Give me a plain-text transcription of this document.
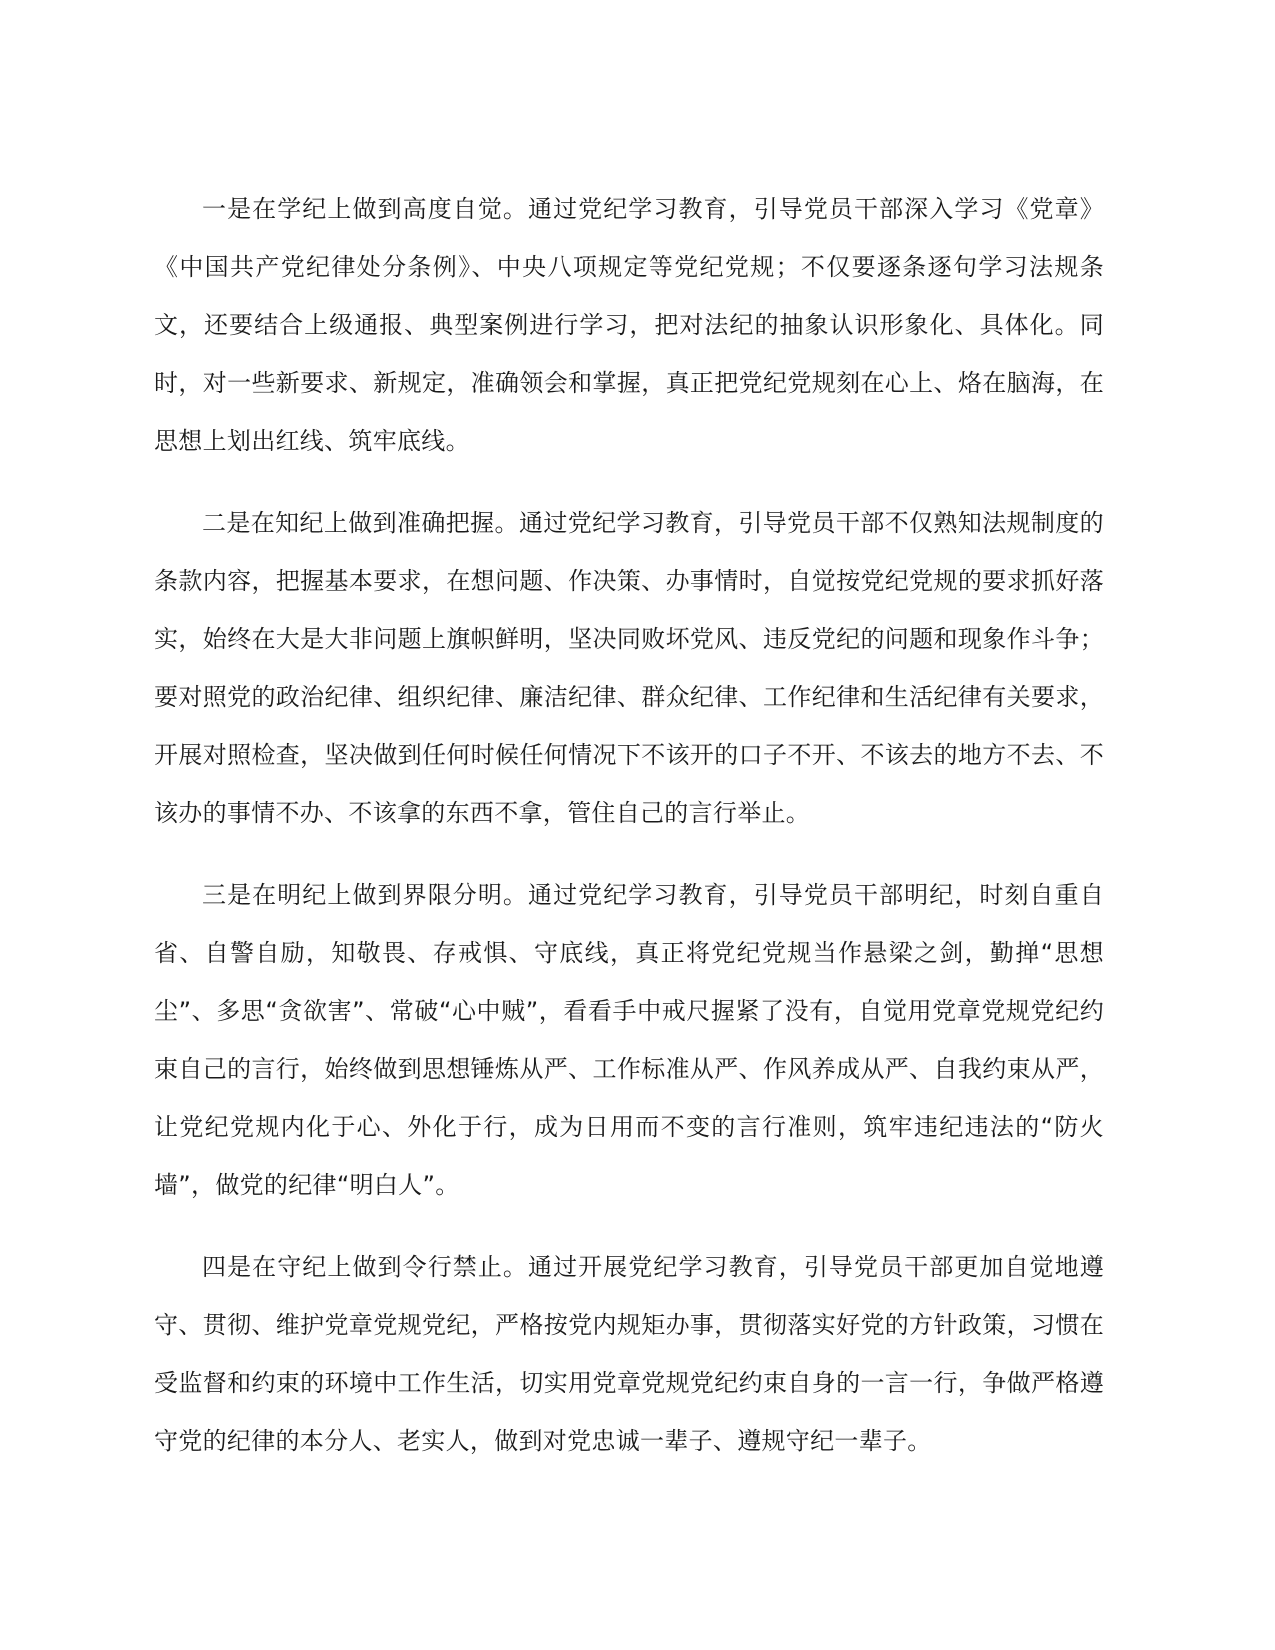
一是在学纪上做到高度自觉。通过党纪学习教育，引导党员干部深入学习《党章》《中国共产党纪律处分条例》、中央八项规定等党纪党规；不仅要逐条逐句学习法规条文，还要结合上级通报、典型案例进行学习，把对法纪的抽象认识形象化、具体化。同时，对一些新要求、新规定，准确领会和掌握，真正把党纪党规刻在心上、烙在脑海，在思想上划出红线、筑牢底线。

二是在知纪上做到准确把握。通过党纪学习教育，引导党员干部不仅熟知法规制度的条款内容，把握基本要求，在想问题、作决策、办事情时，自觉按党纪党规的要求抓好落实，始终在大是大非问题上旗帜鲜明，坚决同败坏党风、违反党纪的问题和现象作斗争；要对照党的政治纪律、组织纪律、廉洁纪律、群众纪律、工作纪律和生活纪律有关要求，开展对照检查，坚决做到任何时候任何情况下不该开的口子不开、不该去的地方不去、不该办的事情不办、不该拿的东西不拿，管住自己的言行举止。

三是在明纪上做到界限分明。通过党纪学习教育，引导党员干部明纪，时刻自重自省、自警自励，知敬畏、存戒惧、守底线，真正将党纪党规当作悬梁之剑，勤掸“思想尘”、多思“贪欲害”、常破“心中贼”，看看手中戒尺握紧了没有，自觉用党章党规党纪约束自己的言行，始终做到思想锤炼从严、工作标准从严、作风养成从严、自我约束从严，让党纪党规内化于心、外化于行，成为日用而不变的言行准则，筑牢违纪违法的“防火墙”，做党的纪律“明白人”。

四是在守纪上做到令行禁止。通过开展党纪学习教育，引导党员干部更加自觉地遵守、贯彻、维护党章党规党纪，严格按党内规矩办事，贯彻落实好党的方针政策，习惯在受监督和约束的环境中工作生活，切实用党章党规党纪约束自身的一言一行，争做严格遵守党的纪律的本分人、老实人，做到对党忠诚一辈子、遵规守纪一辈子。
